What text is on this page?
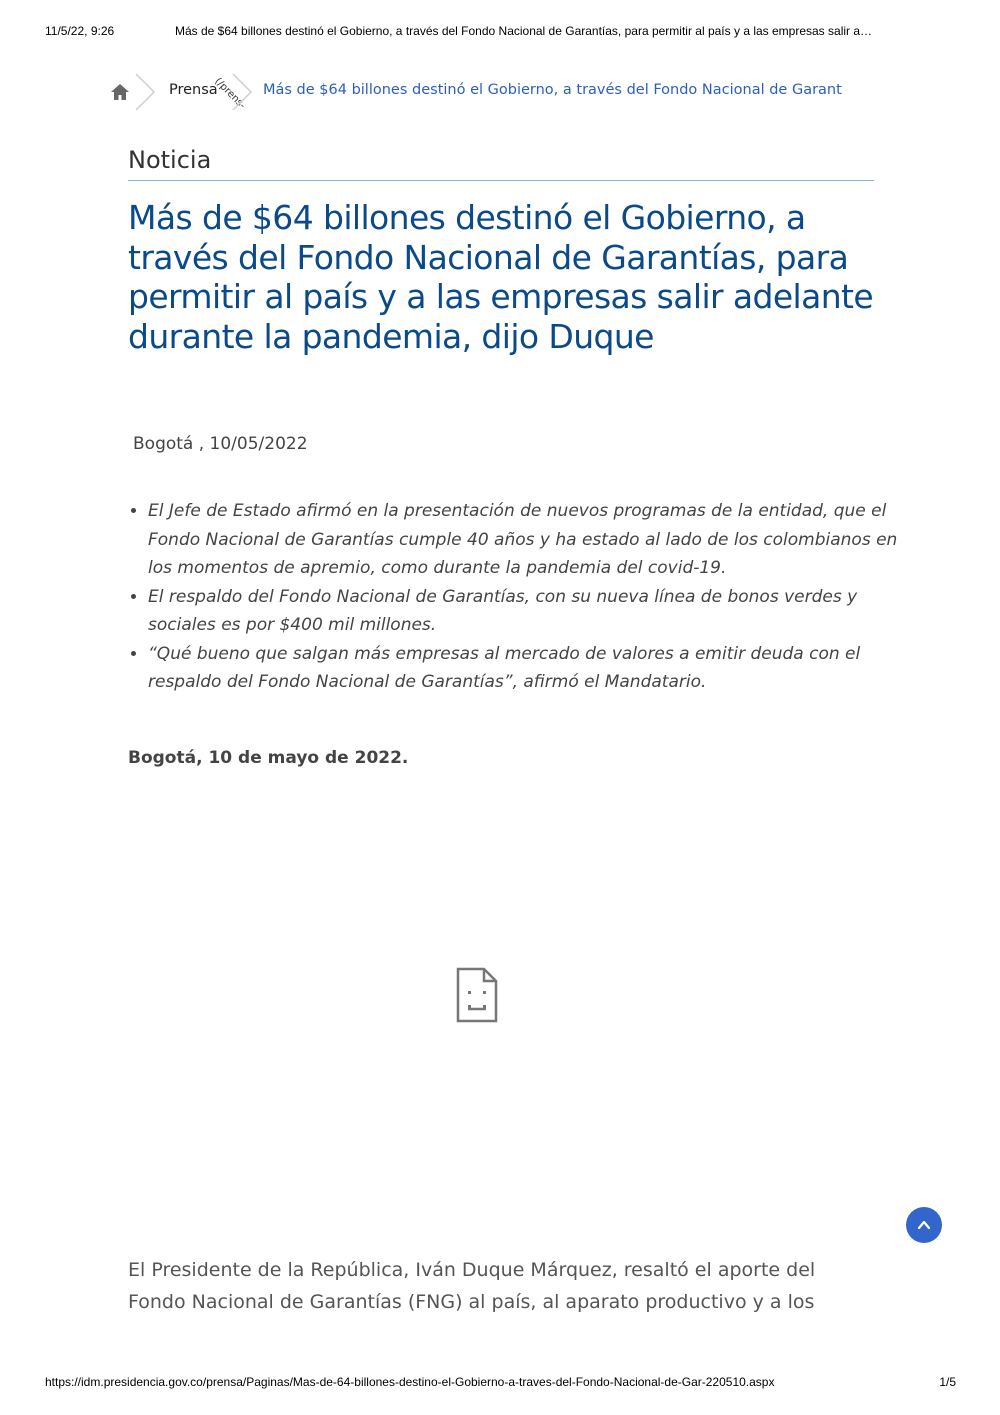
11/5/22, 9:26	Más de $64 billones destinó el Gobierno, a través del Fondo Nacional de Garantías, para permitir al país y a las empresas salir a…
Prensa
(/prens- Más de $64 billones destinó el Gobierno, a través del Fondo Nacional de Garant
Noticia
Más de $64 billones destinó el Gobierno, a través del Fondo Nacional de Garantías, para permitir al país y a las empresas salir adelante durante la pandemia, dijo Duque
Bogotá , 10/05/2022
• El Jefe de Estado afirmó en la presentación de nuevos programas de la entidad, que el Fondo Nacional de Garantías cumple 40 años y ha estado al lado de los colombianos en los momentos de apremio, como durante la pandemia del covid-19.
• El respaldo del Fondo Nacional de Garantías, con su nueva línea de bonos verdes y sociales es por $400 mil millones.
• “Qué bueno que salgan más empresas al mercado de valores a emitir deuda con el respaldo del Fondo Nacional de Garantías”, afirmó el Mandatario.
Bogotá, 10 de mayo de 2022.

El Presidente de la República, Iván Duque Márquez, resaltó el aporte del Fondo Nacional de Garantías (FNG) al país, al aparato productivo y a los

https://idm.presidencia.gov.co/prensa/Paginas/Mas-de-64-billones-destino-el-Gobierno-a-traves-del-Fondo-Nacional-de-Gar-220510.aspx	1/5
